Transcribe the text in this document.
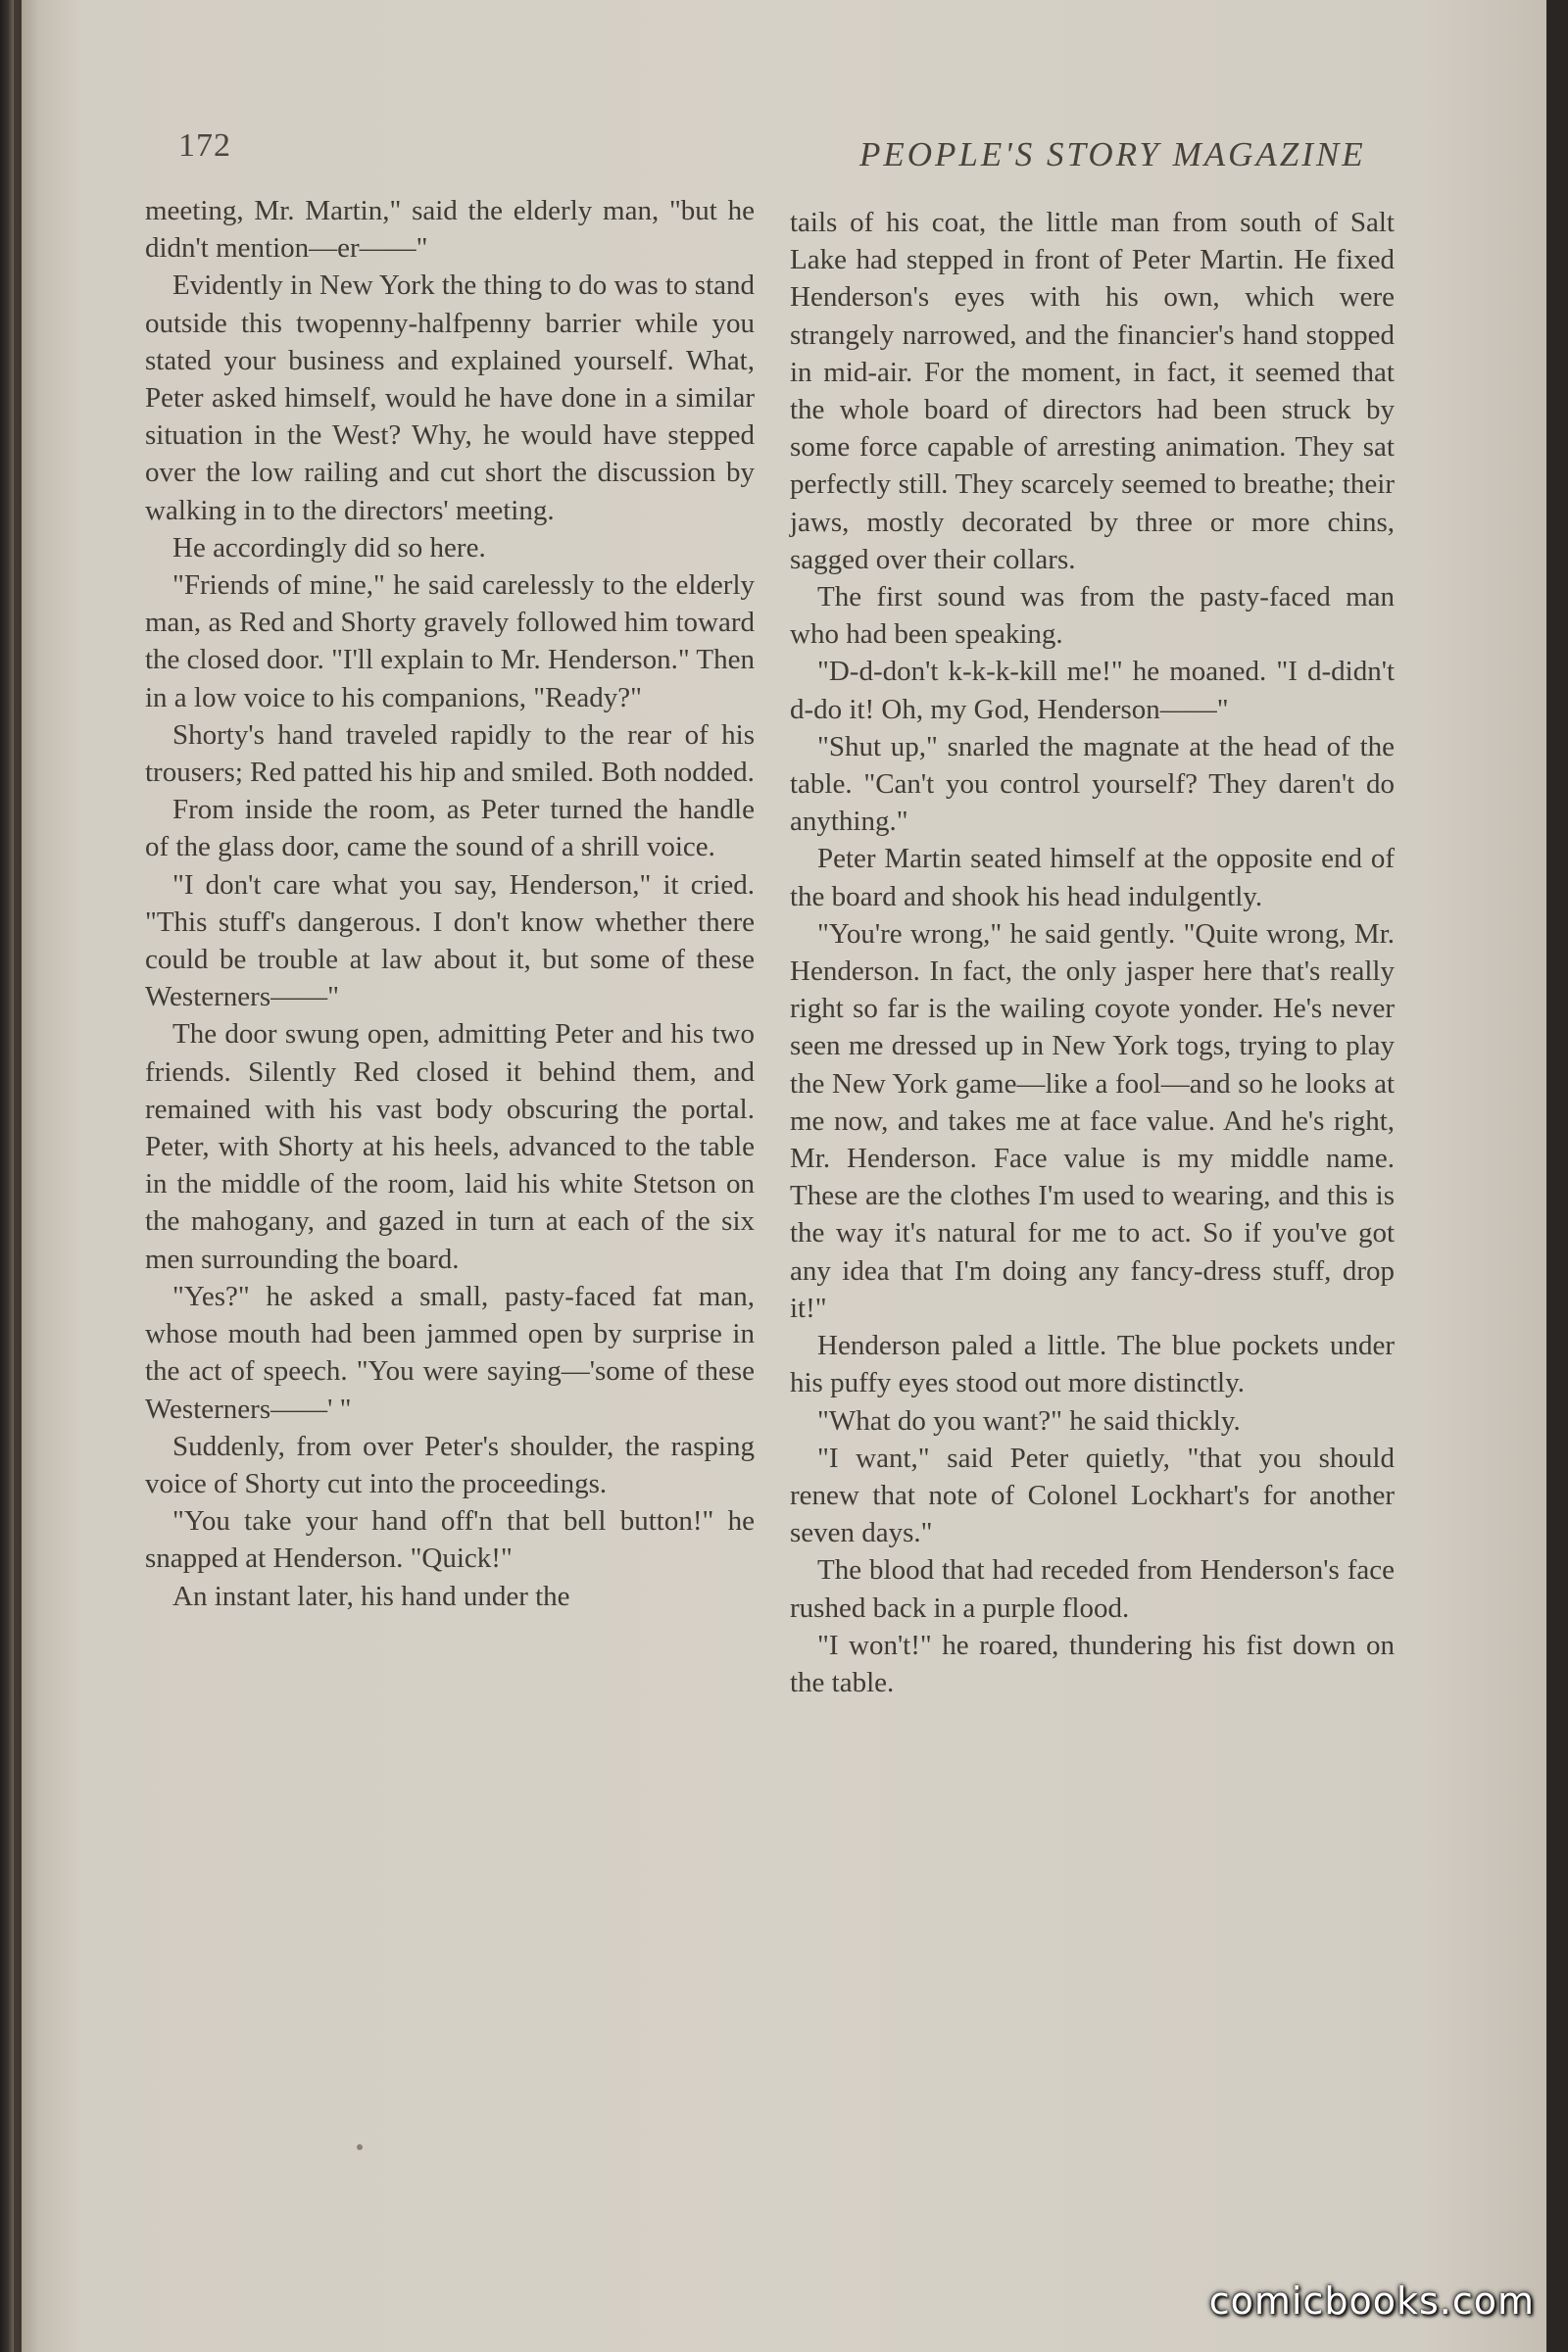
172	PEOPLE'S STORY MAGAZINE

meeting, Mr. Martin," said the elderly man, "but he didn't mention—er——"

Evidently in New York the thing to do was to stand outside this twopenny-halfpenny barrier while you stated your business and explained yourself. What, Peter asked himself, would he have done in a similar situation in the West? Why, he would have stepped over the low railing and cut short the discussion by walking in to the directors' meeting.

He accordingly did so here.

"Friends of mine," he said carelessly to the elderly man, as Red and Shorty gravely followed him toward the closed door. "I'll explain to Mr. Henderson." Then in a low voice to his companions, "Ready?"

Shorty's hand traveled rapidly to the rear of his trousers; Red patted his hip and smiled. Both nodded.

From inside the room, as Peter turned the handle of the glass door, came the sound of a shrill voice.

"I don't care what you say, Henderson," it cried. "This stuff's dangerous. I don't know whether there could be trouble at law about it, but some of these Westerners——"

The door swung open, admitting Peter and his two friends. Silently Red closed it behind them, and remained with his vast body obscuring the portal. Peter, with Shorty at his heels, advanced to the table in the middle of the room, laid his white Stetson on the mahogany, and gazed in turn at each of the six men surrounding the board.

"Yes?" he asked a small, pasty-faced fat man, whose mouth had been jammed open by surprise in the act of speech. "You were saying—'some of these Westerners——' "

Suddenly, from over Peter's shoulder, the rasping voice of Shorty cut into the proceedings.

"You take your hand off'n that bell button!" he snapped at Henderson. "Quick!"

An instant later, his hand under the

tails of his coat, the little man from south of Salt Lake had stepped in front of Peter Martin. He fixed Henderson's eyes with his own, which were strangely narrowed, and the financier's hand stopped in mid-air. For the moment, in fact, it seemed that the whole board of directors had been struck by some force capable of arresting animation. They sat perfectly still. They scarcely seemed to breathe; their jaws, mostly decorated by three or more chins, sagged over their collars.

The first sound was from the pasty-faced man who had been speaking.

"D-d-don't k-k-k-kill me!" he moaned. "I d-didn't d-do it! Oh, my God, Henderson——"

"Shut up," snarled the magnate at the head of the table. "Can't you control yourself? They daren't do anything."

Peter Martin seated himself at the opposite end of the board and shook his head indulgently.

"You're wrong," he said gently. "Quite wrong, Mr. Henderson. In fact, the only jasper here that's really right so far is the wailing coyote yonder. He's never seen me dressed up in New York togs, trying to play the New York game—like a fool—and so he looks at me now, and takes me at face value. And he's right, Mr. Henderson. Face value is my middle name. These are the clothes I'm used to wearing, and this is the way it's natural for me to act. So if you've got any idea that I'm doing any fancy-dress stuff, drop it!"

Henderson paled a little. The blue pockets under his puffy eyes stood out more distinctly.

"What do you want?" he said thickly.

"I want," said Peter quietly, "that you should renew that note of Colonel Lockhart's for another seven days."

The blood that had receded from Henderson's face rushed back in a purple flood.

"I won't!" he roared, thundering his fist down on the table.

comicbooks.com
